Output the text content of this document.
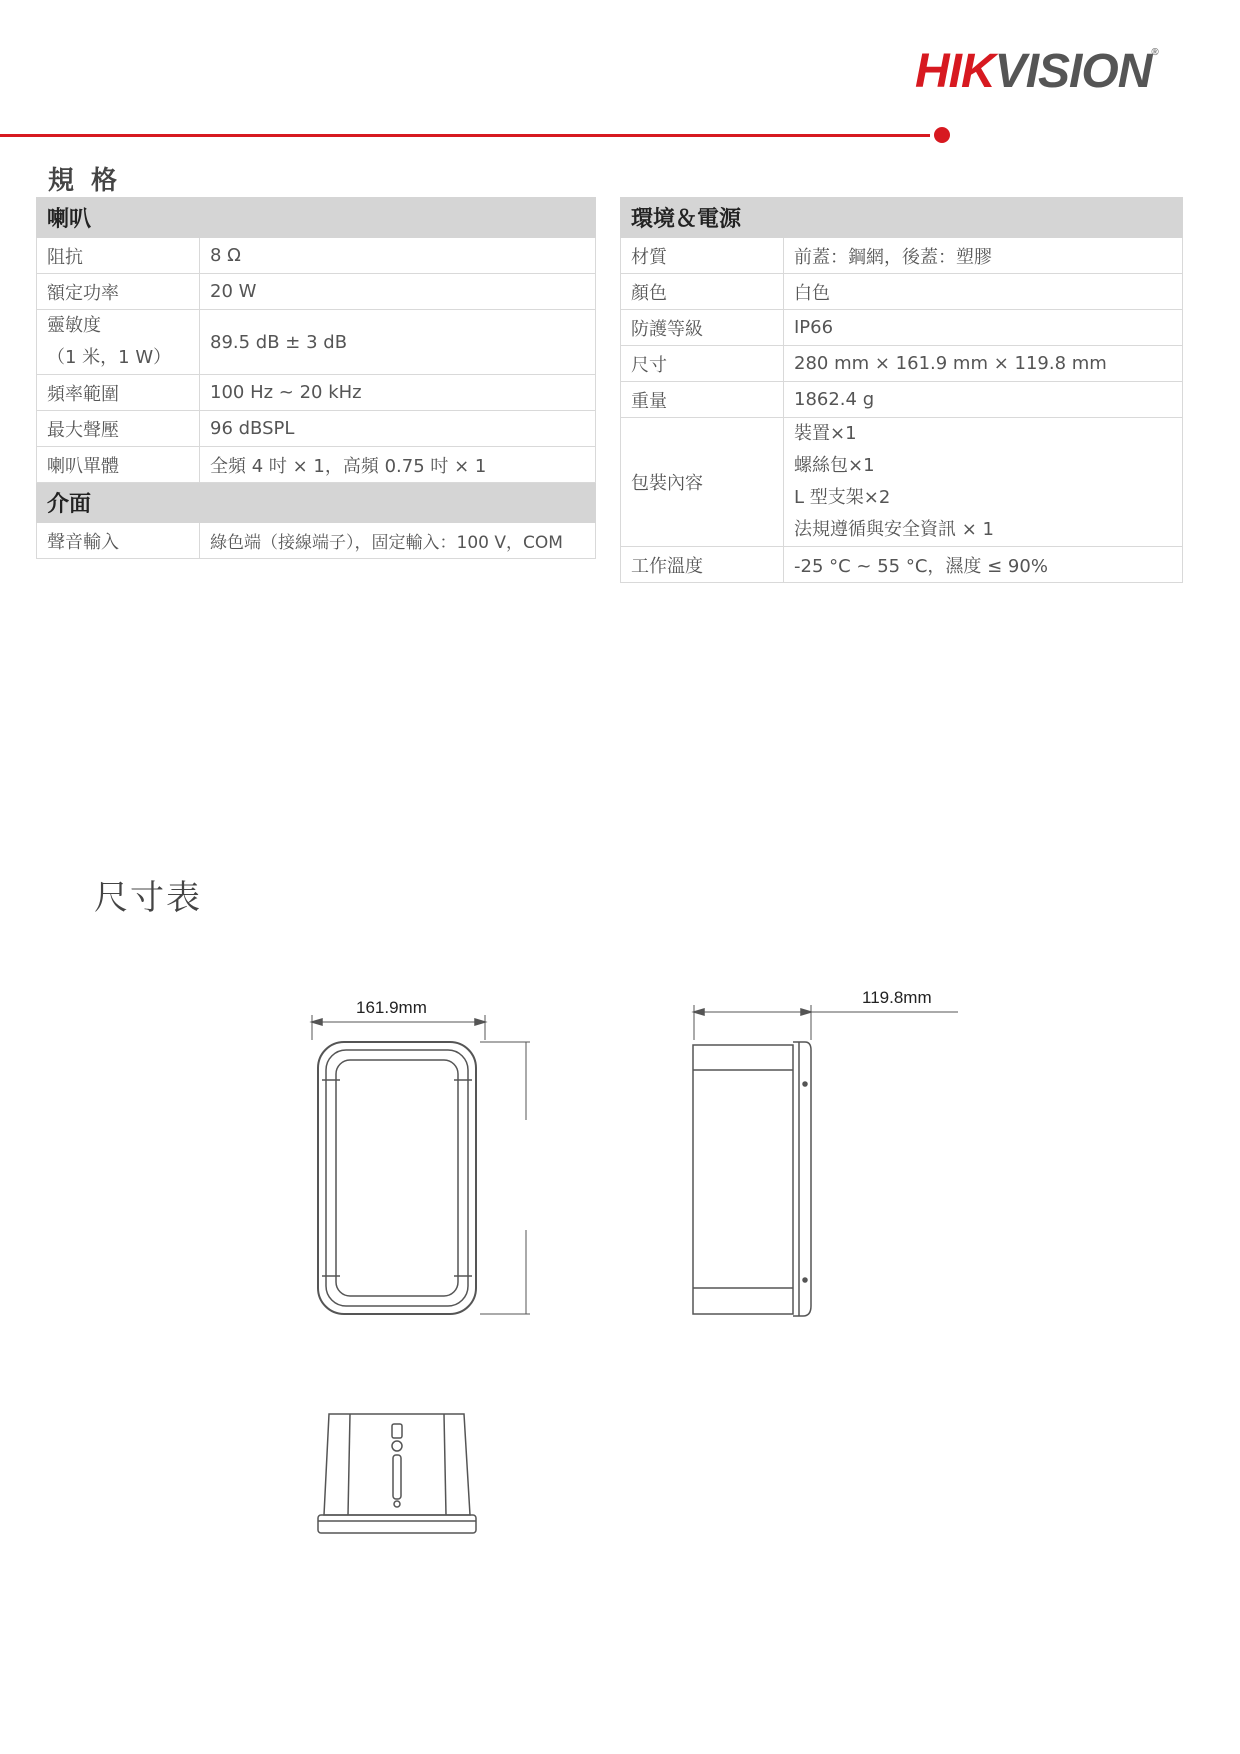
HIKVISION®
規 格
喇叭	
阻抗	8 Ω
額定功率	20 W

靈敏度
（1 米，1 W）	89.5 dB ± 3 dB
頻率範圍	100 Hz ~ 20 kHz
最大聲壓	96 dBSPL
喇叭單體	全頻 4 吋 × 1，高頻 0.75 吋 × 1
介面	
聲音輸入	綠色端（接線端子），固定輸入：100 V，COM
環境＆電源	
材質	前蓋：鋼網，後蓋：塑膠
顏色	白色
防護等級	IP66
尺寸	280 mm × 161.9 mm × 119.8 mm
重量	1862.4 g
包裝內容	裝置×1
螺絲包×1
L 型支架×2
法規遵循與安全資訊 × 1

工作溫度	-25 °C ~ 55 °C，濕度 ≤ 90%
尺寸表
161.9mm
119.8mm
